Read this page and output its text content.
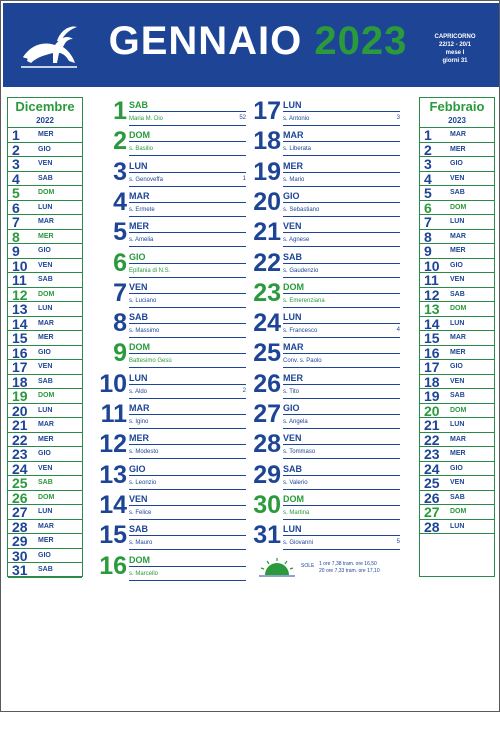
GENNAIO 2023	CAPRICORNO
22/12 - 20/1
mese I
giorni 31
Dicembre
2022
1	MER
2	GIO
3	VEN
4	SAB
5	DOM
6	LUN
7	MAR
8	MER
9	GIO
10 VEN
11 SAB
12 DOM
13 LUN
14 MAR
15 MER
16 GIO
17 VEN
18 SAB
19 DOM
20 LUN
21 MAR
22 MER
23 GIO
24 VEN
25 SAB
26 DOM
27 LUN
28 MAR
29 MER
30 GIO
31 SAB
1 SAB
Maria M. Dio	52
2 DOM
s. Basilio
3 LUN
s. Genoveffa	1
4 MAR
s. Ermete
5 MER
s. Amelia
6 GIO
Epifania di N.S.
7 VEN
s. Luciano
8 SAB
s. Massimo
9 DOM
Battesimo Gesù
10 LUN
s. Aldo	2
11 MAR
s. Igino
12 MER
s. Modesto
13 GIO
s. Leonzio
14 VEN
s. Felice
15 SAB
s. Mauro
16 DOM
s. Marcello
17 LUN
s. Antonio	3
18 MAR
s. Liberata
19 MER
s. Mario
20 GIO
s. Sebastiano
21 VEN
s. Agnese
22 SAB
s. Gaudenzio
23 DOM
s. Emerenziana
24 LUN
s. Francesco	4
25 MAR
Conv. s. Paolo
26 MER
s. Tito
27 GIO
s. Angela
28 VEN
s. Tommaso
29 SAB
s. Valerio
30 DOM
s. Martina
31 LUN
s. Giovanni	5
Febbraio
2023
1	MAR
2	MER
3	GIO
4	VEN
5	SAB
6	DOM
7	LUN
8	MAR
9	MER
10 GIO
11 VEN
12 SAB
13 DOM
14 LUN
15 MAR
16 MER
17 GIO
18 VEN
19 SAB
20 DOM
21 LUN
22 MAR
23 MER
24 GIO
25 VEN
26 SAB
27 DOM
28 LUN
SOLE 1 ore 7,38 tram. ore 16,50
20 ore 7,33 tram. ore 17,10
